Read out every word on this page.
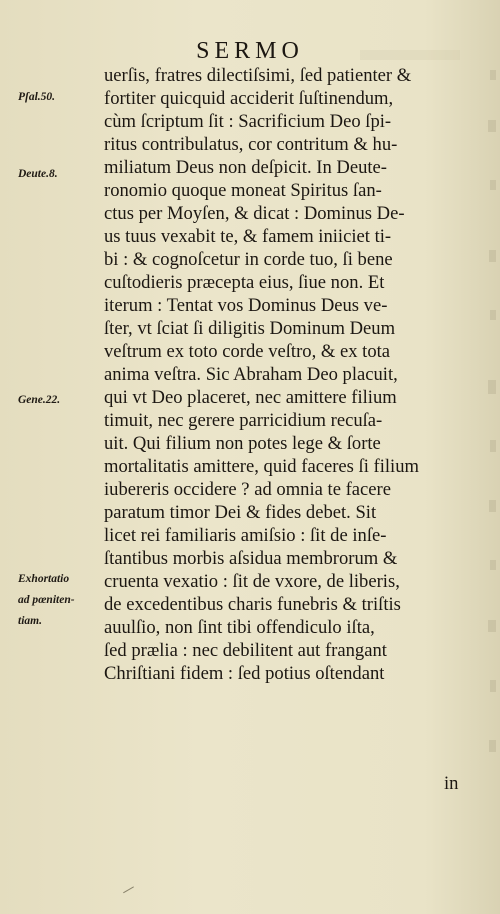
SERMO
Pſal.50.
Deute.8.
Gene.22.
Exhortatio
ad pœniten-
tiam.
uerſis, fratres dilectiſsimi, ſed patienter &
fortiter quicquid acciderit ſuſtinendum,
cùm ſcriptum ſit : Sacrificium Deo ſpi-
ritus contribulatus, cor contritum & hu-
miliatum Deus non deſpicit. In Deute-
ronomio quoque moneat Spiritus ſan-
ctus per Moyſen, & dicat : Dominus De-
us tuus vexabit te, & famem iniiciet ti-
bi : & cognoſcetur in corde tuo, ſi bene
cuſtodieris præcepta eius, ſiue non. Et
iterum : Tentat vos Dominus Deus ve-
ſter, vt ſciat ſi diligitis Dominum Deum
veſtrum ex toto corde veſtro, & ex tota
anima veſtra. Sic Abraham Deo placuit,
qui vt Deo placeret, nec amittere filium
timuit, nec gerere parricidium recuſa-
uit. Qui filium non potes lege & ſorte
mortalitatis amittere, quid faceres ſi filium
iubereris occidere ? ad omnia te facere
paratum timor Dei & fides debet. Sit
licet rei familiaris amiſsio : ſit de inſe-
ſtantibus morbis aſsidua membrorum &
cruenta vexatio : ſit de vxore, de liberis,
de excedentibus charis funebris & triſtis
auulſio, non ſint tibi offendiculo iſta,
ſed prælia : nec debilitent aut frangant
Chriſtiani fidem : ſed potius oſtendant
in
